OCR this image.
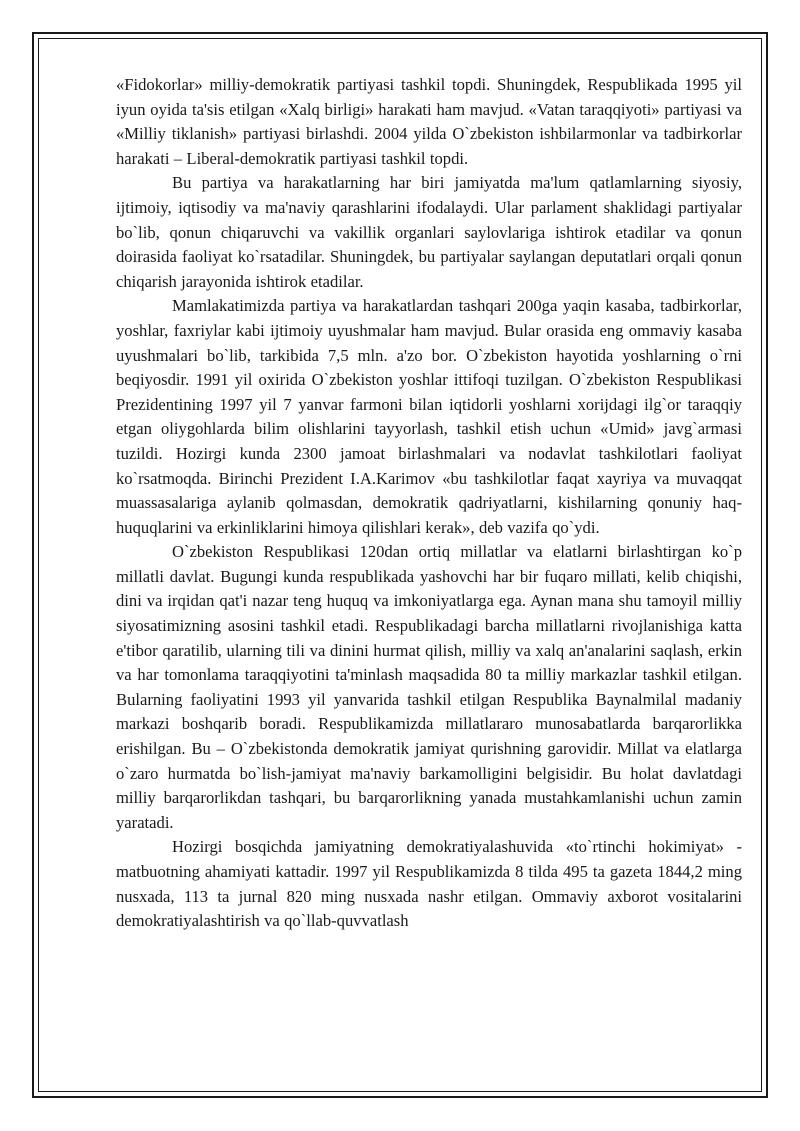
«Fidokorlar» milliy-demokratik partiyasi tashkil topdi. Shuningdek, Respublikada 1995 yil iyun oyida ta'sis etilgan «Xalq birligi» harakati ham mavjud. «Vatan taraqqiyoti» partiyasi va «Milliy tiklanish» partiyasi birlashdi. 2004 yilda O`zbekiston ishbilarmonlar va tadbirkorlar harakati – Liberal-demokratik partiyasi tashkil topdi.

Bu partiya va harakatlarning har biri jamiyatda ma'lum qatlamlarning siyosiy, ijtimoiy, iqtisodiy va ma'naviy qarashlarini ifodalaydi. Ular parlament shaklidagi partiyalar bo`lib, qonun chiqaruvchi va vakillik organlari saylovlariga ishtirok etadilar va qonun doirasida faoliyat ko`rsatadilar. Shuningdek, bu partiyalar saylangan deputatlari orqali qonun chiqarish jarayonida ishtirok etadilar.

Mamlakatimizda partiya va harakatlardan tashqari 200ga yaqin kasaba, tadbirkorlar, yoshlar, faxriylar kabi ijtimoiy uyushmalar ham mavjud. Bular orasida eng ommaviy kasaba uyushmalari bo`lib, tarkibida 7,5 mln. a'zo bor. O`zbekiston hayotida yoshlarning o`rni beqiyosdir. 1991 yil oxirida O`zbekiston yoshlar ittifoqi tuzilgan. O`zbekiston Respublikasi Prezidentining 1997 yil 7 yanvar farmoni bilan iqtidorli yoshlarni xorijdagi ilg`or taraqqiy etgan oliygohlarda bilim olishlarini tayyorlash, tashkil etish uchun «Umid» javg`armasi tuzildi. Hozirgi kunda 2300 jamoat birlashmalari va nodavlat tashkilotlari faoliyat ko`rsatmoqda. Birinchi Prezident I.A.Karimov «bu tashkilotlar faqat xayriya va muvaqqat muassasalariga aylanib qolmasdan, demokratik qadriyatlarni, kishilarning qonuniy haq-huquqlarini va erkinliklarini himoya qilishlari kerak», deb vazifa qo`ydi.

O`zbekiston Respublikasi 120dan ortiq millatlar va elatlarni birlashtirgan ko`p millatli davlat. Bugungi kunda respublikada yashovchi har bir fuqaro millati, kelib chiqishi, dini va irqidan qat'i nazar teng huquq va imkoniyatlarga ega. Aynan mana shu tamoyil milliy siyosatimizning asosini tashkil etadi. Respublikadagi barcha millatlarni rivojlanishiga katta e'tibor qaratilib, ularning tili va dinini hurmat qilish, milliy va xalq an'analarini saqlash, erkin va har tomonlama taraqqiyotini ta'minlash maqsadida 80 ta milliy markazlar tashkil etilgan. Bularning faoliyatini 1993 yil yanvarida tashkil etilgan Respublika Baynalmilal madaniy markazi boshqarib boradi. Respublikamizda millatlararo munosabatlarda barqarorlikka erishilgan. Bu – O`zbekistonda demokratik jamiyat qurishning garovidir. Millat va elatlarga o`zaro hurmatda bo`lish-jamiyat ma'naviy barkamolligini belgisidir. Bu holat davlatdagi milliy barqarorlikdan tashqari, bu barqarorlikning yanada mustahkamlanishi uchun zamin yaratadi.

Hozirgi bosqichda jamiyatning demokratiyalashuvida «to`rtinchi hokimiyat» - matbuotning ahamiyati kattadir. 1997 yil Respublikamizda 8 tilda 495 ta gazeta 1844,2 ming nusxada, 113 ta jurnal 820 ming nusxada nashr etilgan. Ommaviy axborot vositalarini demokratiyalashtirish va qo`llab-quvvatlash
